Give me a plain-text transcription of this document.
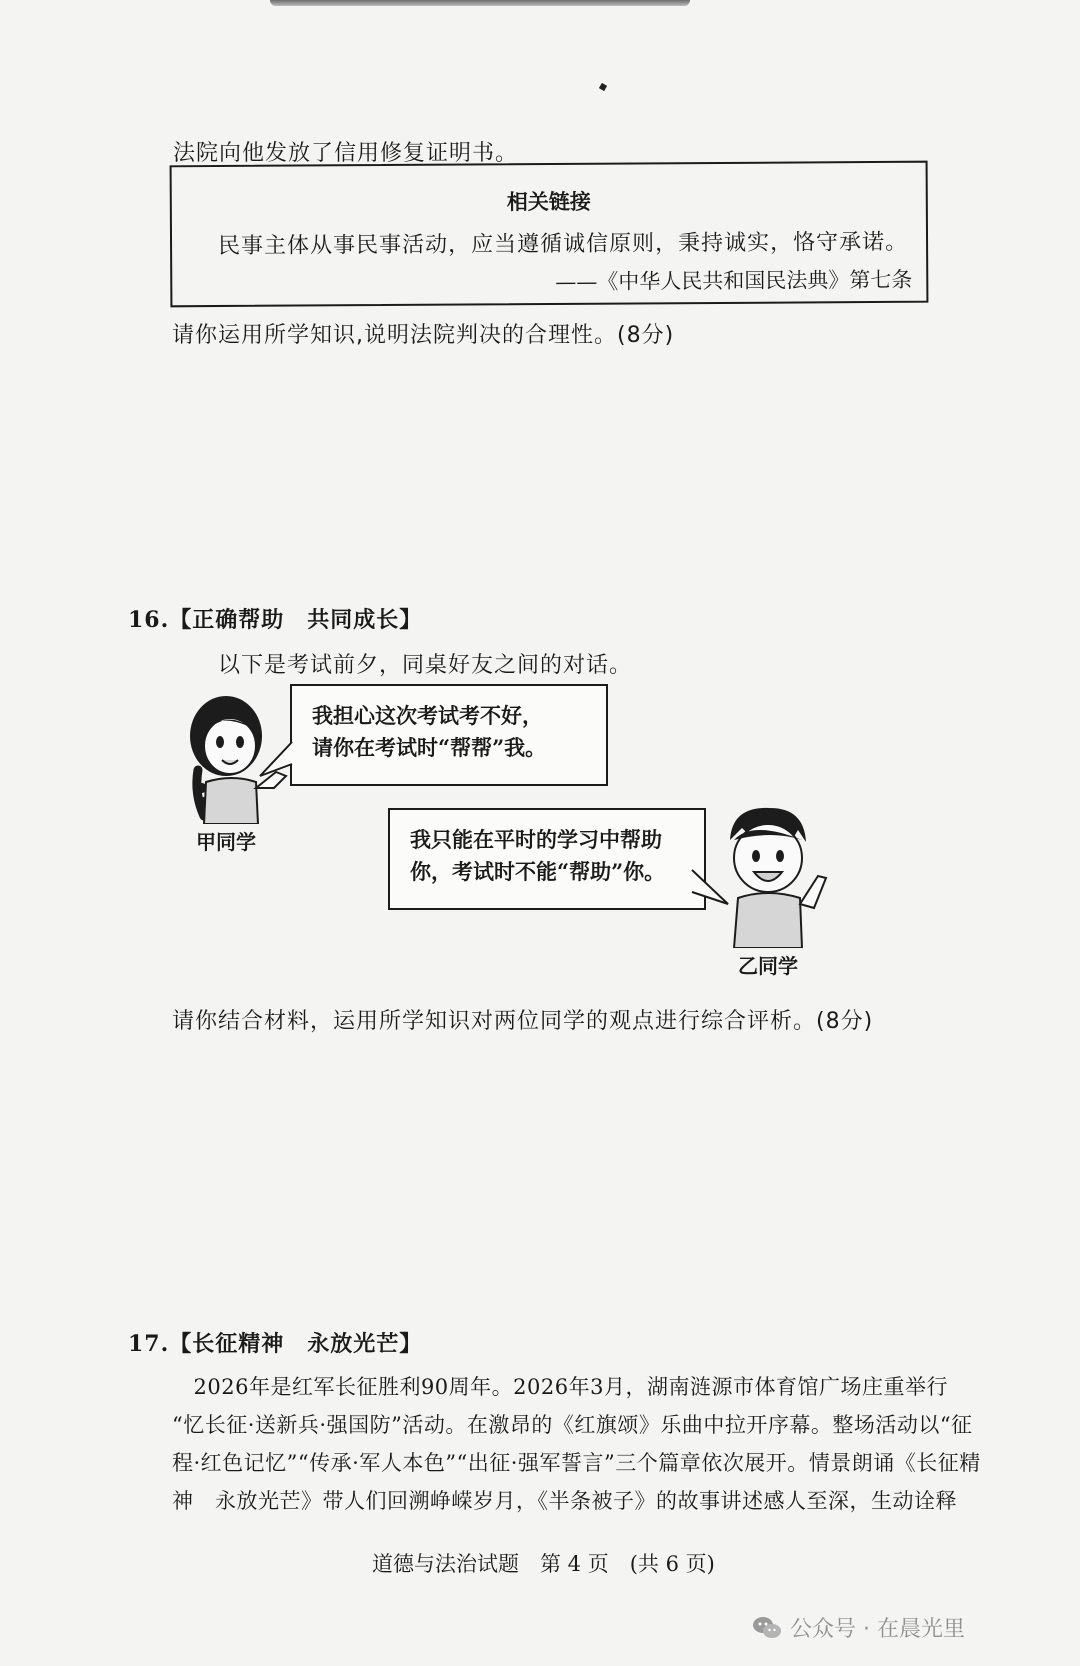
法院向他发放了信用修复证明书。
相关链接
民事主体从事民事活动，应当遵循诚信原则，秉持诚实，恪守承诺。
——《中华人民共和国民法典》第七条
请你运用所学知识,说明法院判决的合理性。(8分)
16.【正确帮助　共同成长】
以下是考试前夕，同桌好友之间的对话。
我担心这次考试考不好，
请你在考试时“帮帮”我。
甲同学	我只能在平时的学习中帮助
你，考试时不能“帮助”你。
乙同学
请你结合材料，运用所学知识对两位同学的观点进行综合评析。(8分)
17.【长征精神　永放光芒】

　2026年是红军长征胜利90周年。2026年3月，湖南涟源市体育馆广场庄重举行

“忆长征·送新兵·强国防”活动。在激昂的《红旗颂》乐曲中拉开序幕。整场活动以“征

程·红色记忆”“传承·军人本色”“出征·强军誓言”三个篇章依次展开。情景朗诵《长征精

神　永放光芒》带人们回溯峥嵘岁月，《半条被子》的故事讲述感人至深，生动诠释

道德与法治试题　第 4 页　(共 6 页)
公众号 · 在晨光里
